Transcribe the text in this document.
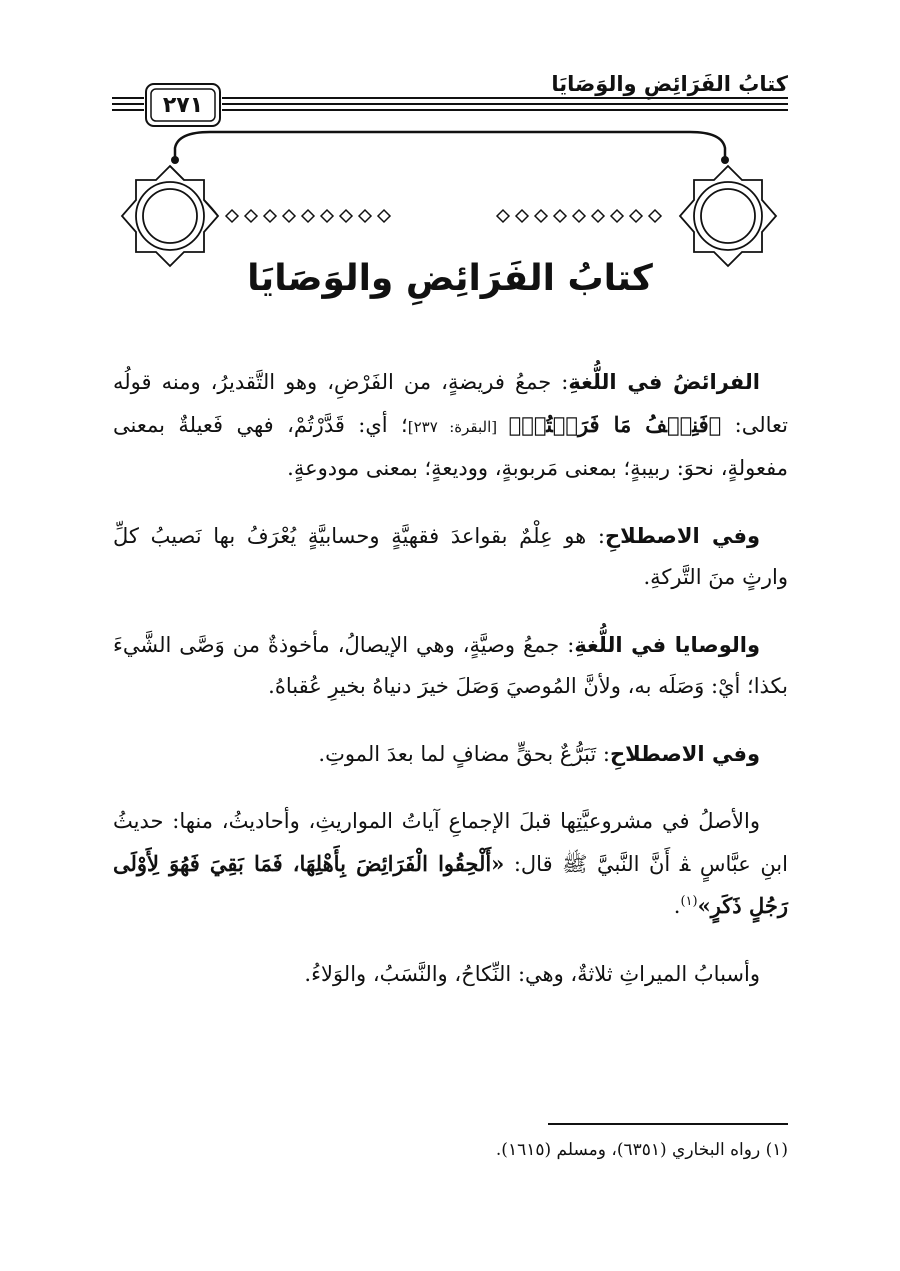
كتابُ الفَرَائِضِ والوَصَايَا
٢٧١
كتابُ الفَرَائِضِ والوَصَايَا

الفرائضُ في اللُّغةِ: جمعُ فريضةٍ، من الفَرْضِ، وهو التَّقديرُ، ومنه قولُه تعالى: ﴿فَنِصۡفُ مَا فَرَضۡتُمۡ﴾ [البقرة: ٢٣٧]؛ أي: قَدَّرْتُمْ، فهي فَعيلةٌ بمعنى مفعولةٍ، نحوَ: ربيبةٍ؛ بمعنى مَربوبةٍ، ووديعةٍ؛ بمعنى مودوعةٍ.

وفي الاصطلاحِ: هو عِلْمٌ بقواعدَ فقهيَّةٍ وحسابيَّةٍ يُعْرَفُ بها نَصيبُ كلِّ وارثٍ منَ التَّركةِ.

والوصايا في اللُّغةِ: جمعُ وصيَّةٍ، وهي الإيصالُ، مأخوذةٌ من وَصَّى الشَّيءَ بكذا؛ أيْ: وَصَلَه به، ولأنَّ المُوصيَ وَصَلَ خيرَ دنياهُ بخيرِ عُقباهُ.

وفي الاصطلاحِ: تَبَرُّعٌ بحقٍّ مضافٍ لما بعدَ الموتِ.

والأصلُ في مشروعيَّتِها قبلَ الإجماعِ آياتُ المواريثِ، وأحاديثُ، منها: حديثُ ابنِ عبَّاسٍ ﭭ أَنَّ النَّبيَّ ﷺ قال: «أَلْحِقُوا الْفَرَائِضَ بِأَهْلِهَا، فَمَا بَقِيَ فَهُوَ لِأَوْلَى رَجُلٍ ذَكَرٍ»$^{(١)}$.

وأسبابُ الميراثِ ثلاثةٌ، وهي: النِّكاحُ، والنَّسَبُ، والوَلاءُ.

(١) رواه البخاري (٦٣٥١)، ومسلم (١٦١٥).
